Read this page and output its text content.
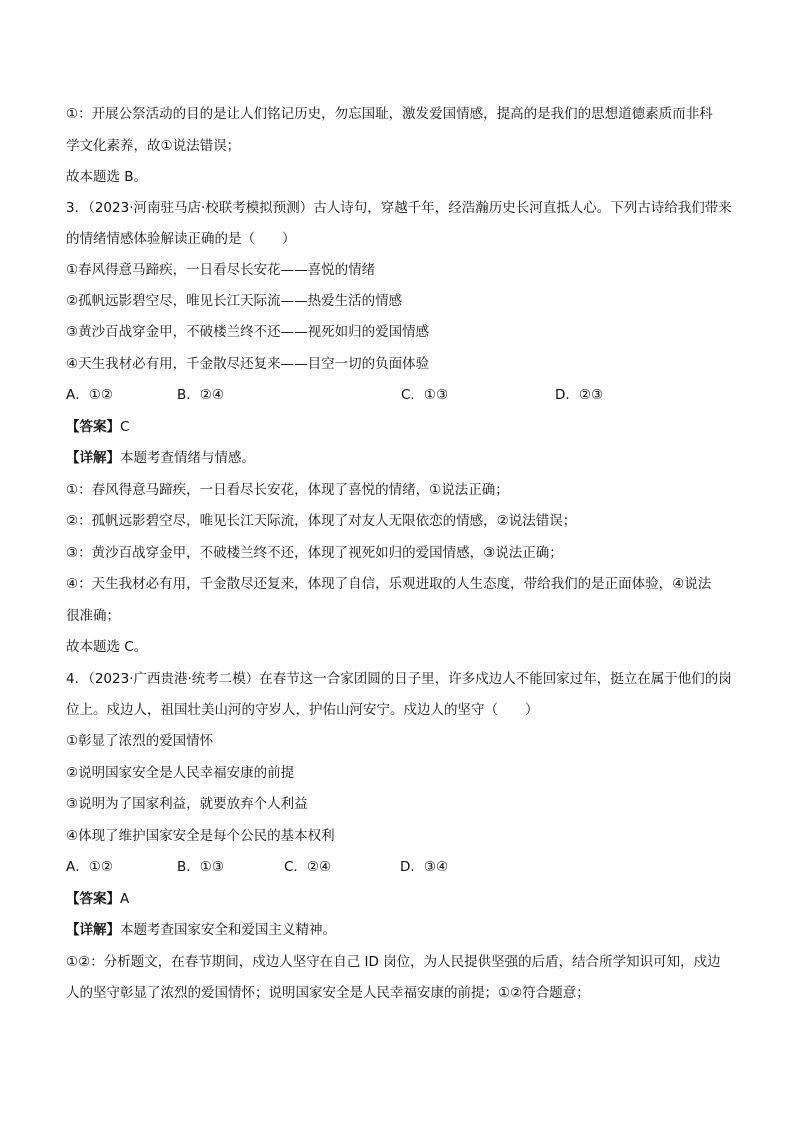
①：开展公祭活动的目的是让人们铭记历史，勿忘国耻，激发爱国情感，提高的是我们的思想道德素质而非科

学文化素养，故①说法错误；

故本题选 B。

3．（2023·河南驻马店·校联考模拟预测）古人诗句，穿越千年，经浩瀚历史长河直抵人心。下列古诗给我们带来

的情绪情感体验解读正确的是（　　）

①春风得意马蹄疾，一日看尽长安花——喜悦的情绪

②孤帆远影碧空尽，唯见长江天际流——热爱生活的情感

③黄沙百战穿金甲，不破楼兰终不还——视死如归的爱国情感

④天生我材必有用，千金散尽还复来——目空一切的负面体验

A．①②	B．②④	C．①③	D．②③

【答案】C

【详解】本题考查情绪与情感。

①：春风得意马蹄疾，一日看尽长安花，体现了喜悦的情绪，①说法正确；

②：孤帆远影碧空尽，唯见长江天际流，体现了对友人无限依恋的情感，②说法错误；

③：黄沙百战穿金甲，不破楼兰终不还，体现了视死如归的爱国情感，③说法正确；

④：天生我材必有用，千金散尽还复来，体现了自信，乐观进取的人生态度，带给我们的是正面体验，④说法

很准确；

故本题选 C。

4．（2023·广西贵港·统考二模）在春节这一合家团圆的日子里，许多戍边人不能回家过年，挺立在属于他们的岗

位上。戍边人，祖国壮美山河的守岁人，护佑山河安宁。戍边人的坚守（　　）

①彰显了浓烈的爱国情怀

②说明国家安全是人民幸福安康的前提

③说明为了国家利益，就要放弃个人利益

④体现了维护国家安全是每个公民的基本权利

A．①②	B．①③	C．②④	D．③④

【答案】A

【详解】本题考查国家安全和爱国主义精神。

①②：分析题文，在春节期间，戍边人坚守在自己 ID 岗位，为人民提供坚强的后盾，结合所学知识可知，戍边

人的坚守彰显了浓烈的爱国情怀；说明国家安全是人民幸福安康的前提；①②符合题意；
